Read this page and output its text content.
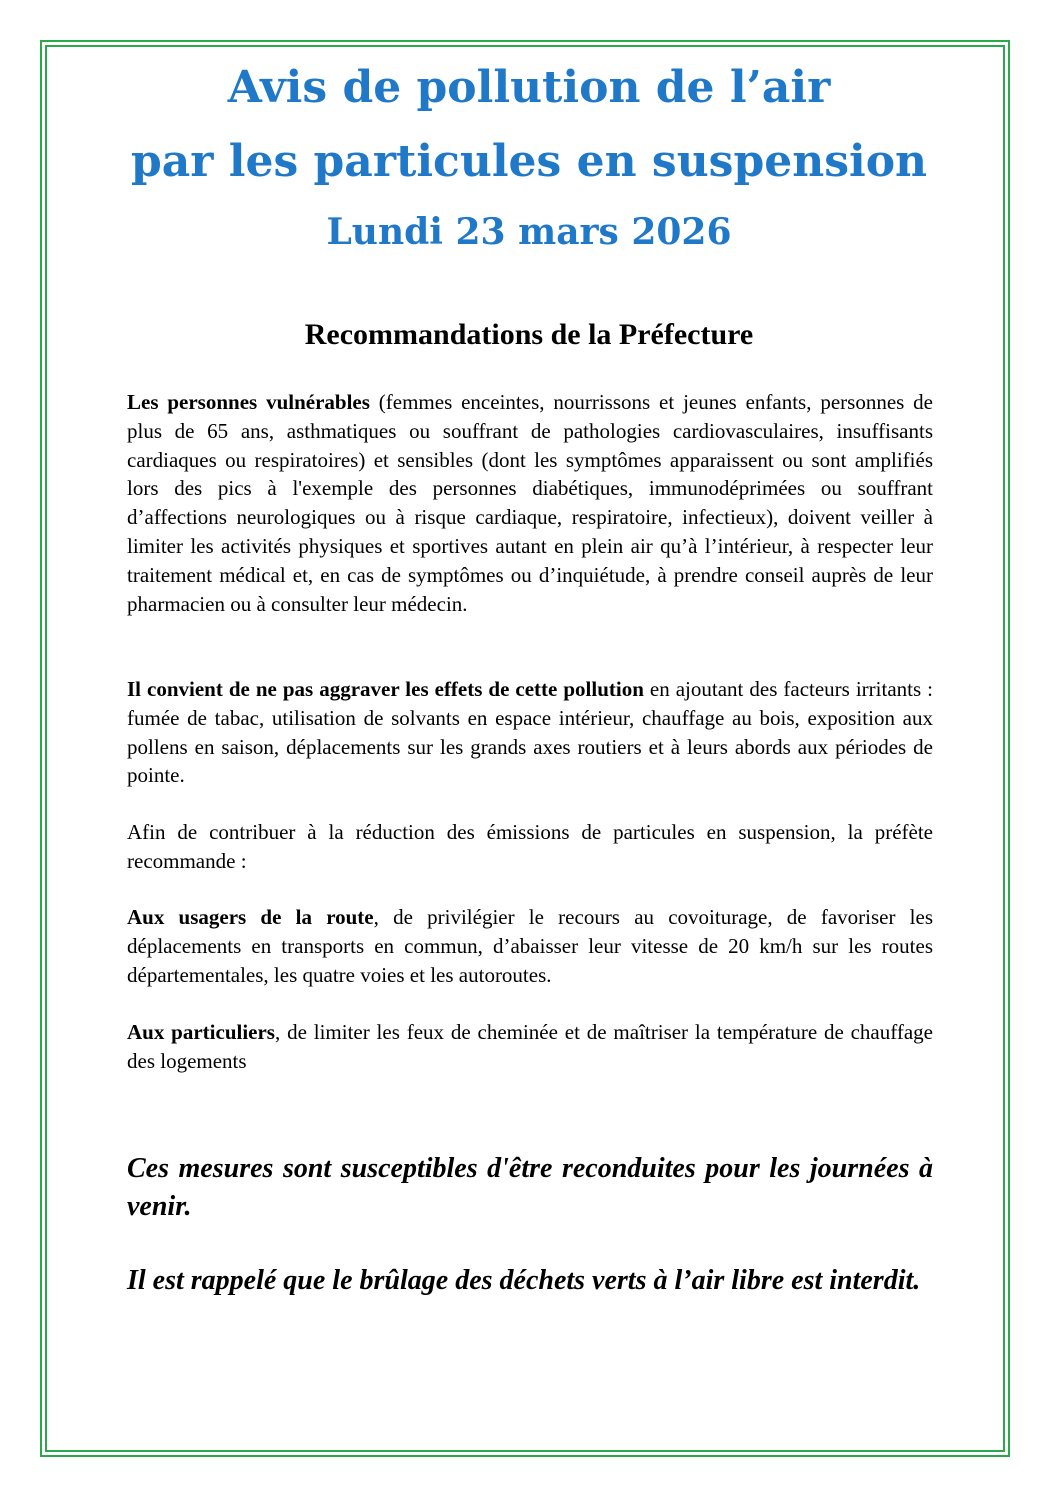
Avis de pollution de l’air
par les particules en suspension
Lundi 23 mars 2026
Recommandations de la Préfecture

Les personnes vulnérables (femmes enceintes, nourrissons et jeunes enfants, personnes de plus de 65 ans, asthmatiques ou souffrant de pathologies cardiovasculaires, insuffisants cardiaques ou respiratoires) et sensibles (dont les symptômes apparaissent ou sont amplifiés lors des pics à l'exemple des personnes diabétiques, immunodéprimées ou souffrant d’affections neurologiques ou à risque cardiaque, respiratoire, infectieux), doivent veiller à limiter les activités physiques et sportives autant en plein air qu’à l’intérieur, à respecter leur traitement médical et, en cas de symptômes ou d’inquiétude, à prendre conseil auprès de leur pharmacien ou à consulter leur médecin.

Il convient de ne pas aggraver les effets de cette pollution en ajoutant des facteurs irritants : fumée de tabac, utilisation de solvants en espace intérieur, chauffage au bois, exposition aux pollens en saison, déplacements sur les grands axes routiers et à leurs abords aux périodes de pointe.

Afin de contribuer à la réduction des émissions de particules en suspension, la préfète recommande :

Aux usagers de la route, de privilégier le recours au covoiturage, de favoriser les déplacements en transports en commun, d’abaisser leur vitesse de 20 km/h sur les routes départementales, les quatre voies et les autoroutes.

Aux particuliers, de limiter les feux de cheminée et de maîtriser la température de chauffage des logements

Ces mesures sont susceptibles d'être reconduites pour les journées à venir.

Il est rappelé que le brûlage des déchets verts à l’air libre est interdit.
